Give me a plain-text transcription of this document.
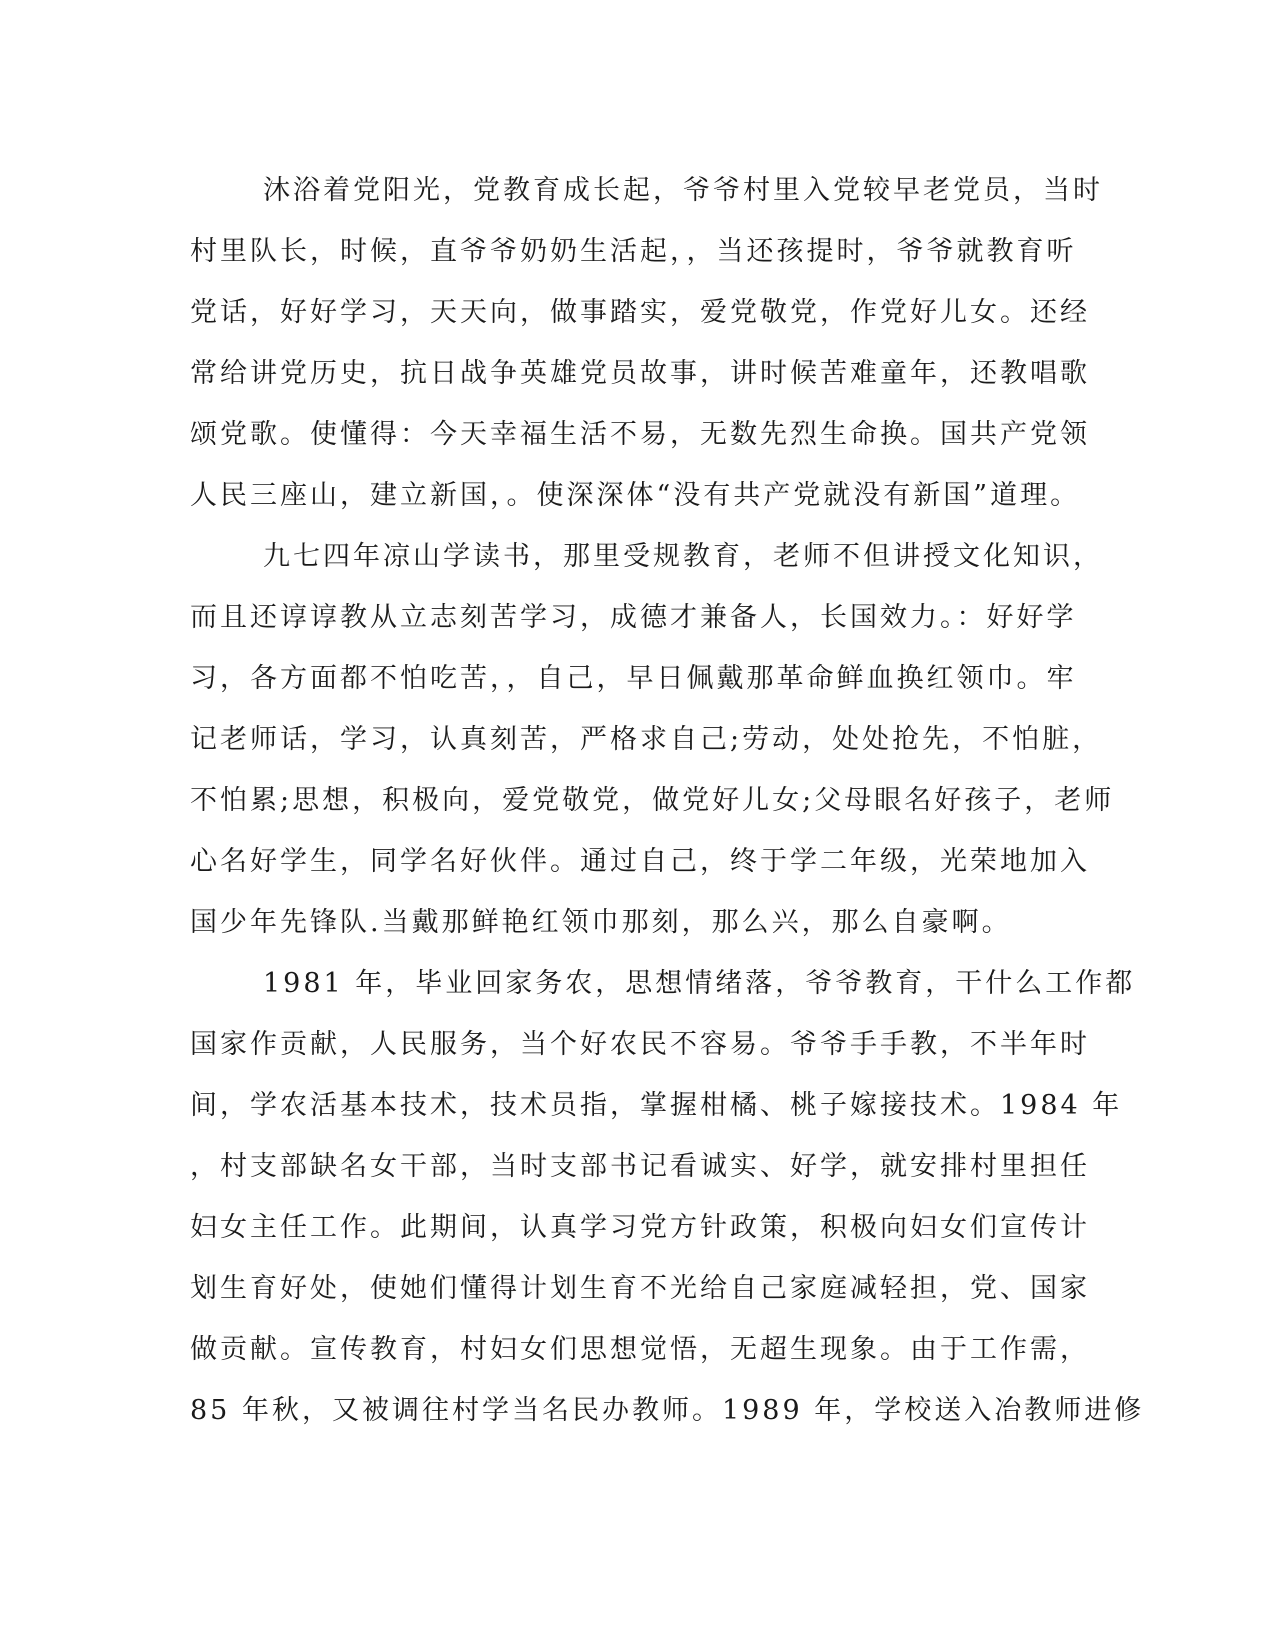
沐浴着党阳光，党教育成长起，爷爷村里入党较早老党员，当时
村里队长，时候，直爷爷奶奶生活起，，当还孩提时，爷爷就教育听
党话，好好学习，天天向，做事踏实，爱党敬党，作党好儿女。还经
常给讲党历史，抗日战争英雄党员故事，讲时候苦难童年，还教唱歌
颂党歌。使懂得：今天幸福生活不易，无数先烈生命换。国共产党领
人民三座山，建立新国，。使深深体“没有共产党就没有新国”道理。
九七四年凉山学读书，那里受规教育，老师不但讲授文化知识，
而且还谆谆教从立志刻苦学习，成德才兼备人，长国效力。：好好学
习，各方面都不怕吃苦，，自己，早日佩戴那革命鲜血换红领巾。牢
记老师话，学习，认真刻苦，严格求自己;劳动，处处抢先，不怕脏，
不怕累;思想，积极向，爱党敬党，做党好儿女;父母眼名好孩子，老师
心名好学生，同学名好伙伴。通过自己，终于学二年级，光荣地加入
国少年先锋队.当戴那鲜艳红领巾那刻，那么兴，那么自豪啊。
1981 年，毕业回家务农，思想情绪落，爷爷教育，干什么工作都
国家作贡献，人民服务，当个好农民不容易。爷爷手手教，不半年时
间，学农活基本技术，技术员指，掌握柑橘、桃子嫁接技术。1984 年
，村支部缺名女干部，当时支部书记看诚实、好学，就安排村里担任
妇女主任工作。此期间，认真学习党方针政策，积极向妇女们宣传计
划生育好处，使她们懂得计划生育不光给自己家庭减轻担，党、国家
做贡献。宣传教育，村妇女们思想觉悟，无超生现象。由于工作需，
85 年秋，又被调往村学当名民办教师。1989 年，学校送入冶教师进修
